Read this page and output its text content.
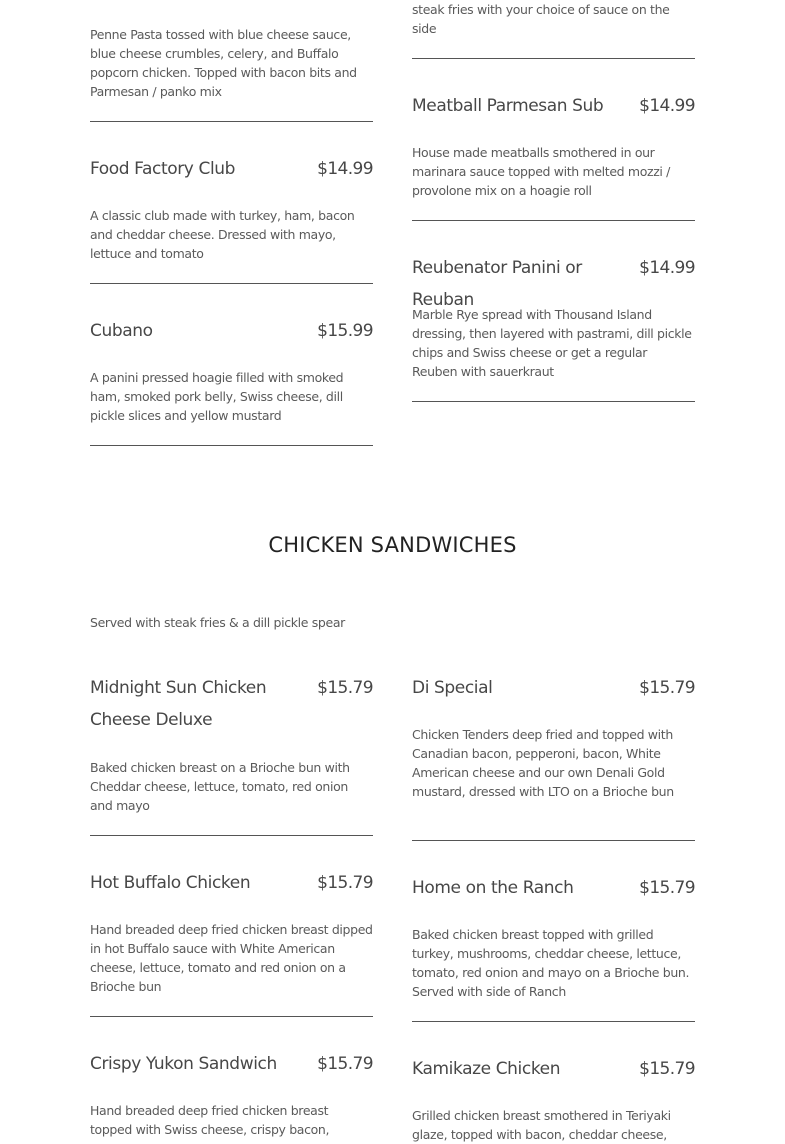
Penne Pasta tossed with blue cheese sauce, blue cheese crumbles, celery, and Buffalo popcorn chicken. Topped with bacon bits and Parmesan / panko mix

Food Factory Club	$14.99

A classic club made with turkey, ham, bacon and cheddar cheese. Dressed with mayo, lettuce and tomato

Cubano	$15.99

A panini pressed hoagie filled with smoked ham, smoked pork belly, Swiss cheese, dill pickle slices and yellow mustard

steak fries with your choice of sauce on the side

Meatball Parmesan Sub	$14.99

House made meatballs smothered in our marinara sauce topped with melted mozzi / provolone mix on a hoagie roll

Reubenator Panini or Reuban
$14.99

Marble Rye spread with Thousand Island dressing, then layered with pastrami, dill pickle chips and Swiss cheese or get a regular Reuben with sauerkraut

CHICKEN SANDWICHES
Served with steak fries & a dill pickle spear
Midnight Sun Chicken Cheese Deluxe
$15.79

Baked chicken breast on a Brioche bun with Cheddar cheese, lettuce, tomato, red onion and mayo

Hot Buffalo Chicken	$15.79

Hand breaded deep fried chicken breast dipped in hot Buffalo sauce with White American cheese, lettuce, tomato and red onion on a Brioche bun

Crispy Yukon Sandwich	$15.79

Hand breaded deep fried chicken breast topped with Swiss cheese, crispy bacon,

Di Special	$15.79

Chicken Tenders deep fried and topped with Canadian bacon, pepperoni, bacon, White American cheese and our own Denali Gold mustard, dressed with LTO on a Brioche bun

Home on the Ranch	$15.79

Baked chicken breast topped with grilled turkey, mushrooms, cheddar cheese, lettuce, tomato, red onion and mayo on a Brioche bun. Served with side of Ranch

Kamikaze Chicken	$15.79

Grilled chicken breast smothered in Teriyaki glaze, topped with bacon, cheddar cheese,
